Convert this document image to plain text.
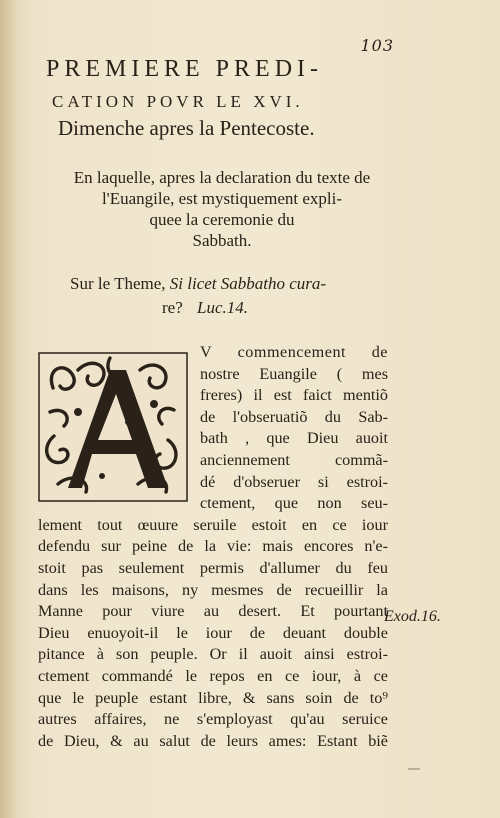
103
PREMIERE PREDI-
CATION POVR LE XVI.
Dimenche apres la Pentecoste.
En laquelle, apres la declaration du texte de
l'Euangile, est mystiquement expli-
quee la ceremonie du
Sabbath.
Sur le Theme, Si licet Sabbatho cura-
re? Luc.14.
V commencement de
nostre Euangile ( mes
freres) il est faict mentiõ
de l'obseruatiõ du Sab-
bath , que Dieu auoit
anciennement commã-
dé d'obseruer si estroi-
ctement, que non seu-
lement tout œuure seruile estoit en ce iour
defendu sur peine de la vie: mais encores n'e-
stoit pas seulement permis d'allumer du feu
dans les maisons, ny mesmes de recueillir la
Manne pour viure au desert. Et pourtant
Dieu enuoyoit-il le iour de deuant double
pitance à son peuple. Or il auoit ainsi estroi-
ctement commandé le repos en ce iour, à ce
que le peuple estant libre, & sans soin de to⁹
autres affaires, ne s'employast qu'au seruice
de Dieu, & au salut de leurs ames: Estant biẽ
Exod.16.
